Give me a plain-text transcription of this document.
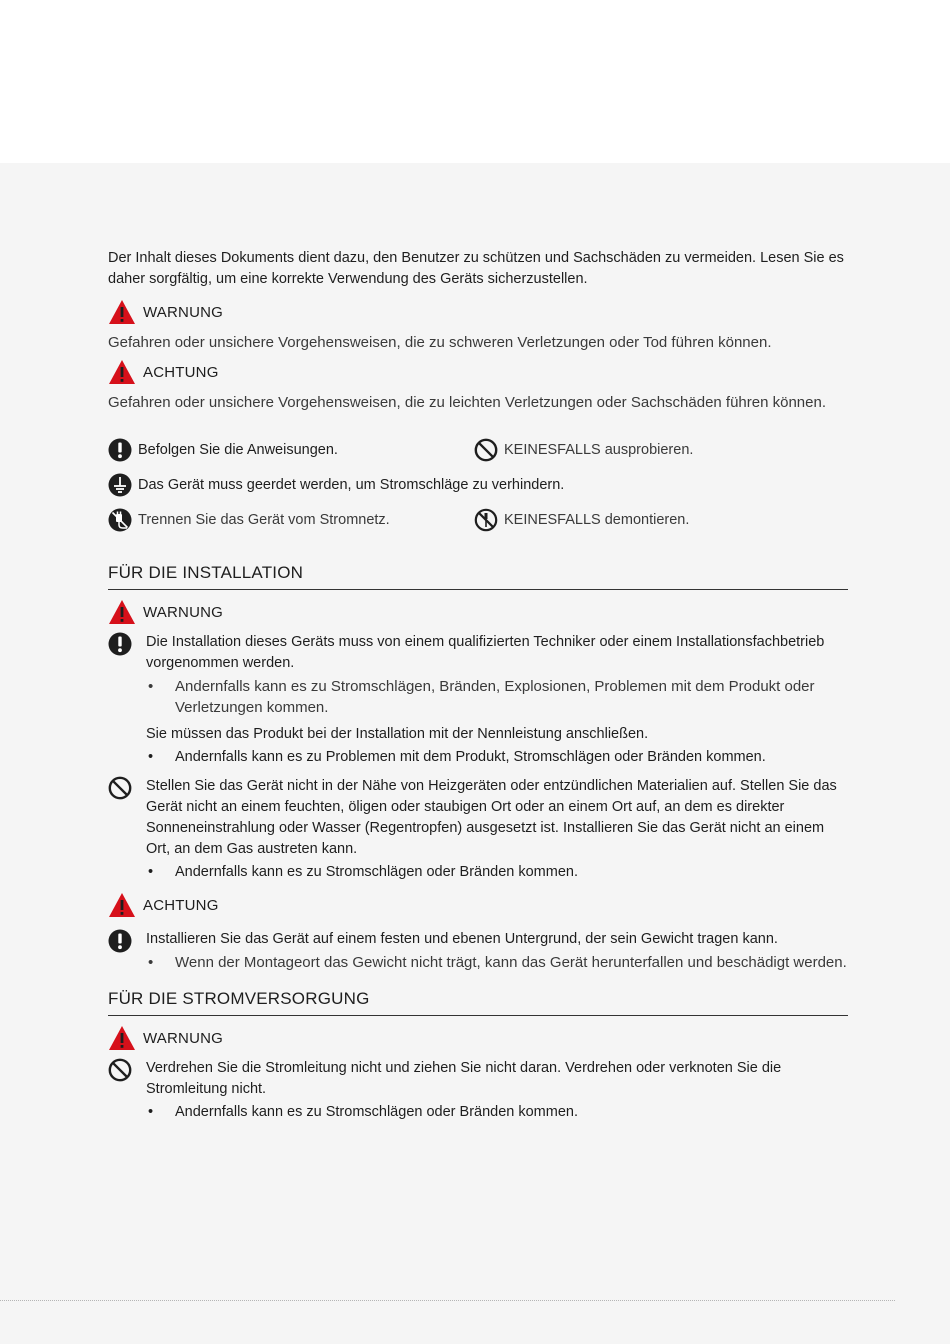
Der Inhalt dieses Dokuments dient dazu, den Benutzer zu schützen und Sachschäden zu vermeiden. Lesen Sie es daher sorgfältig, um eine korrekte Verwendung des Geräts sicherzustellen.

WARNUNG
Gefahren oder unsichere Vorgehensweisen, die zu schweren Verletzungen oder Tod führen können.
ACHTUNG
Gefahren oder unsichere Vorgehensweisen, die zu leichten Verletzungen oder Sachschäden führen können.
Befolgen Sie die Anweisungen.	KEINESFALLS ausprobieren.
Das Gerät muss geerdet werden, um Stromschläge zu verhindern.
Trennen Sie das Gerät vom Stromnetz.	KEINESFALLS demontieren.
FÜR DIE INSTALLATION
WARNUNG

Die Installation dieses Geräts muss von einem qualifizierten Techniker oder einem Installationsfachbetrieb vorgenommen werden.

•	Andernfalls kann es zu Stromschlägen, Bränden, Explosionen, Problemen mit dem Produkt oder Verletzungen kommen.

Sie müssen das Produkt bei der Installation mit der Nennleistung anschließen.

•	Andernfalls kann es zu Problemen mit dem Produkt, Stromschlägen oder Bränden kommen.

Stellen Sie das Gerät nicht in der Nähe von Heizgeräten oder entzündlichen Materialien auf. Stellen Sie das Gerät nicht an einem feuchten, öligen oder staubigen Ort oder an einem Ort auf, an dem es direkter Sonneneinstrahlung oder Wasser (Regentropfen) ausgesetzt ist. Installieren Sie das Gerät nicht an einem Ort, an dem Gas austreten kann.

•	Andernfalls kann es zu Stromschlägen oder Bränden kommen.
ACHTUNG

Installieren Sie das Gerät auf einem festen und ebenen Untergrund, der sein Gewicht tragen kann.

•	Wenn der Montageort das Gewicht nicht trägt, kann das Gerät herunterfallen und beschädigt werden.
FÜR DIE STROMVERSORGUNG
WARNUNG

Verdrehen Sie die Stromleitung nicht und ziehen Sie nicht daran. Verdrehen oder verknoten Sie die Stromleitung nicht.

•	Andernfalls kann es zu Stromschlägen oder Bränden kommen.
